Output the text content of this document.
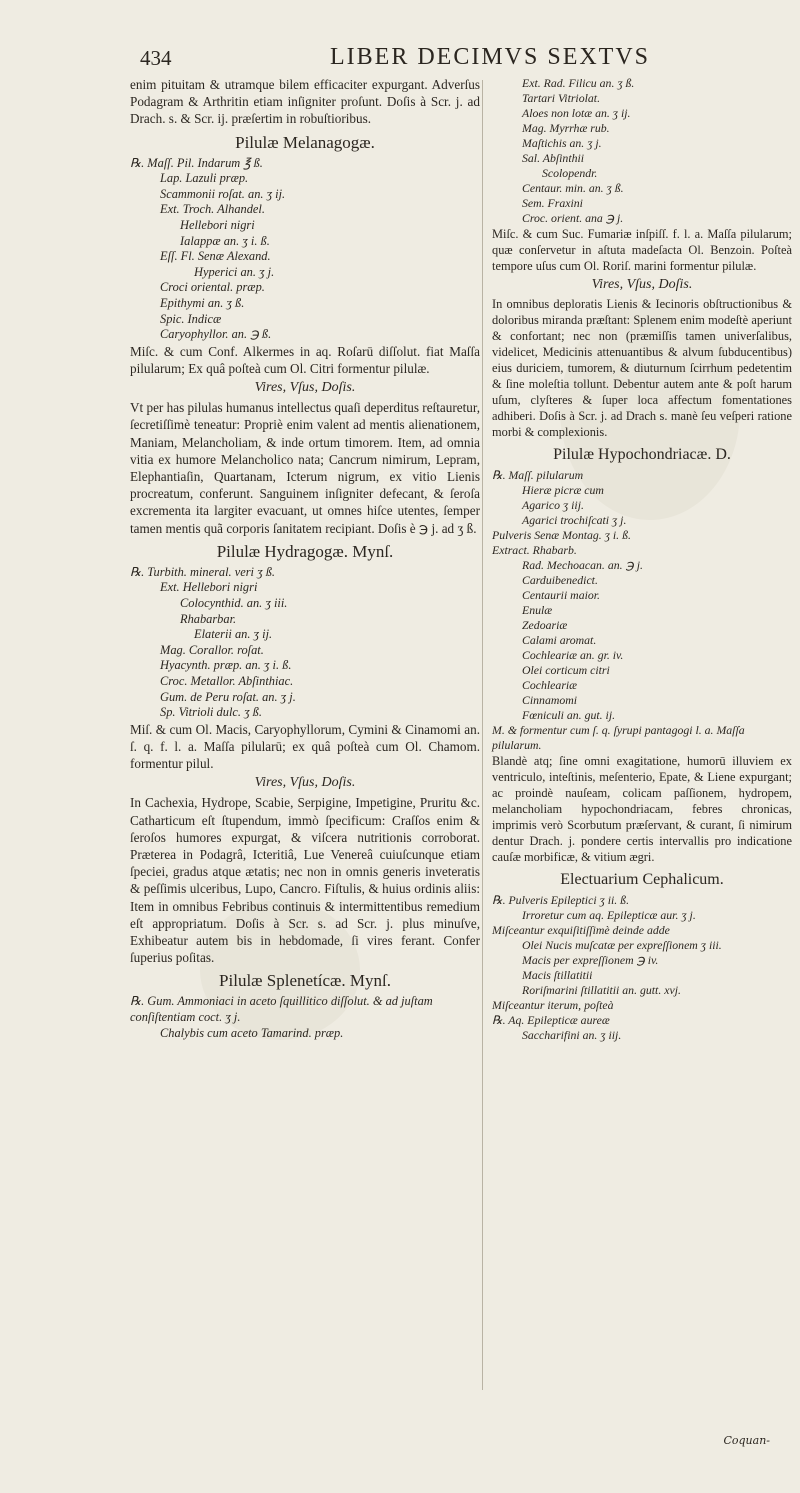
434	LIBER DECIMVS SEXTVS

enim pituitam & utramque bilem efficaciter expurgant. Adverſus Podagram & Arthritin etiam inſigniter proſunt. Doſis à Scr. j. ad Drach. s. & Scr. ij. præſertim in robuſtioribus.

Pilulæ Melanagogæ.
℞. Maſſ. Pil. Indarum ℥ ß.
Lap. Lazuli præp.
Scammonii roſat. an. ʒ ij.
Ext. Troch. Alhandel.
Hellebori nigri
Ialappæ an. ʒ i. ß.
Eſſ. Fl. Senæ Alexand.
Hyperici an. ʒ j.
Croci oriental. præp.
Epithymi an. ʒ ß.
Spic. Indicæ
Caryophyllor. an. ℈ ß.

Miſc. & cum Conf. Alkermes in aq. Roſarū diſſolut. fiat Maſſa pilularum; Ex quâ poſteà cum Ol. Citri formentur pilulæ.

Vires, Vſus, Doſis.

Vt per has pilulas humanus intellectus quaſi deperditus reſtauretur, ſecretiſſimè teneatur: Propriè enim valent ad mentis alienationem, Maniam, Melancholiam, & inde ortum timorem. Item, ad omnia vitia ex humore Melancholico nata; Cancrum nimirum, Lepram, Elephantiaſin, Quartanam, Icterum nigrum, ex vitio Lienis procreatum, conferunt. Sanguinem inſigniter defecant, & ſeroſa excrementa ita largiter evacuant, ut omnes hiſce utentes, ſemper tamen mentis quã corporis ſanitatem recipiant. Doſis è ℈ j. ad ʒ ß.

Pilulæ Hydragogæ. Mynſ.
℞. Turbith. mineral. veri ʒ ß.
Ext. Hellebori nigri
Colocynthid. an. ʒ iii.
Rhabarbar.
Elaterii an. ʒ ij.
Mag. Corallor. roſat.
Hyacynth. præp. an. ʒ i. ß.
Croc. Metallor. Abſinthiac.
Gum. de Peru roſat. an. ʒ j.
Sp. Vitrioli dulc. ʒ ß.

Miſ. & cum Ol. Macis, Caryophyllorum, Cymini & Cinamomi an. ſ. q. f. l. a. Maſſa pilularū; ex quâ poſteà cum Ol. Chamom. formentur pilul.

Vires, Vſus, Doſis.

In Cachexia, Hydrope, Scabie, Serpigine, Impetigine, Pruritu &c. Catharticum eſt ſtupendum, immò ſpecificum: Craſſos enim & ſeroſos humores expurgat, & viſcera nutritionis corroborat. Præterea in Podagrâ, Icteritiâ, Lue Venereâ cuiuſcunque etiam ſpeciei, gradus atque ætatis; nec non in omnis generis inveteratis & peſſimis ulceribus, Lupo, Cancro. Fiſtulis, & huius ordinis aliis: Item in omnibus Febribus continuis & intermittentibus remedium eſt appropriatum. Doſis à Scr. s. ad Scr. j. plus minuſve, Exhibeatur autem bis in hebdomade, ſi vires ferant. Confer ſuperius poſitas.

Pilulæ Splenetícæ. Mynſ.
℞. Gum. Ammoniaci in aceto ſquillitico diſſolut. & ad juſtam conſiſtentiam coct. ʒ j.
Chalybis cum aceto Tamarind. præp.
Ext. Rad. Filicu an. ʒ ß.
Tartari Vitriolat.
Aloes non lotæ an. ʒ ij.
Mag. Myrrhæ rub.
Maſtichis an. ʒ j.
Sal. Abſinthii
Scolopendr.
Centaur. min. an. ʒ ß.
Sem. Fraxini
Croc. orient. ana ℈ j.

Miſc. & cum Suc. Fumariæ inſpiſſ. f. l. a. Maſſa pilularum; quæ conſervetur in aſtuta madeſacta Ol. Benzoin. Poſteà tempore uſus cum Ol. Roriſ. marini formentur pilulæ.

Vires, Vſus, Doſis.

In omnibus deploratis Lienis & Iecinoris obſtructionibus & doloribus miranda præſtant: Splenem enim modeſtè aperiunt & confortant; nec non (præmiſſis tamen univerſalibus, videlicet, Medicinis attenuantibus & alvum ſubducentibus) eius duriciem, tumorem, & diuturnum ſcirrhum pedetentim & ſine moleſtia tollunt. Debentur autem ante & poſt harum uſum, clyſteres & ſuper loca affectum fomentationes adhiberi. Doſis à Scr. j. ad Drach s. manè ſeu veſperi ratione morbi & complexionis.

Pilulæ Hypochondriacæ. D.
℞. Maſſ. pilularum
Hieræ picræ cum
Agarico ʒ iij.
Agarici trochiſcati ʒ j.
Pulveris Senæ Montag. ʒ i. ß.
Extract. Rhabarb.
Rad. Mechoacan. an. ℈ j.
Carduibenedict.
Centaurii maior.
Enulæ
Zedoariæ
Calami aromat.
Cochleariæ an. gr. iv.
Olei corticum citri
Cochleariæ
Cinnamomi
Fœniculi an. gut. ij.
M. & formentur cum ſ. q. ſyrupi pantagogi l. a. Maſſa pilularum.

Blandè atq; ſine omni exagitatione, humorū illuviem ex ventriculo, inteſtinis, meſenterio, Epate, & Liene expurgant; ac proindè nauſeam, colicam paſſionem, hydropem, melancholiam hypochondriacam, febres chronicas, imprimis verò Scorbutum præſervant, & curant, ſi nimirum dentur Drach. j. pondere certis intervallis pro indicatione cauſæ morbificæ, & vitium ægri.

Electuarium Cephalicum.
℞. Pulveris Epileptici ʒ ii. ß.
Irroretur cum aq. Epilepticæ aur. ʒ j.
Miſceantur exquiſitiſſimè deinde adde
Olei Nucis muſcatæ per expreſſionem ʒ iii.
Macis per expreſſionem ℈ iv.
Macis ſtillatitii
Roriſmarini ſtillatitii an. gutt. xvj.
Miſceantur iterum, poſteà
℞. Aq. Epilepticæ aureæ
Saccharifini an. ʒ iij.
Coquan-
